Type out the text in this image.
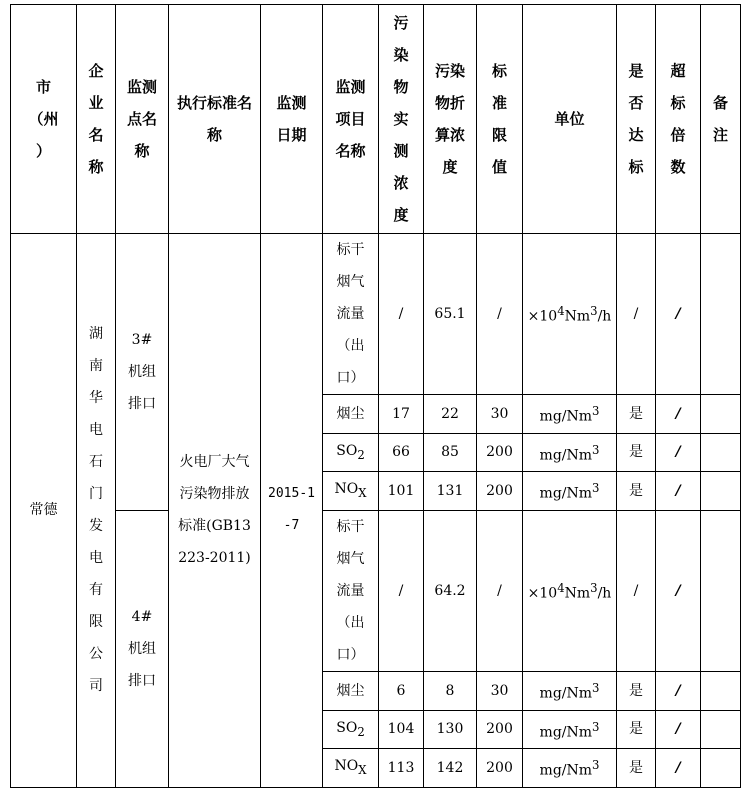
市（州）	企业名称	监测点名称	执行标准名称	监测日期	监测项目名称	污染物实测浓度	污染物折算浓度	标准限值	单位	是否达标	超标倍数	备注

常德	湖南华电石门发电有限公司	3#机组排口	火电厂大气污染物排放标准(GB13223-2011)	2015-1-7	标干烟气流量（出口）	/	65.1	/	$\times 10^4Nm^3/h$	/	/	
					烟尘	17	22	30	mg/Nm$^3$	是	/	
					$SO_2$	66	85	200	mg/Nm$^3$	是	/	
					$NO_X$	101	131	200	mg/Nm$^3$	是	/	

		4#机组排口			标干烟气流量（出口）	/	64.2	/	$\times 10^4Nm^3/h$	/	/	
					烟尘	6	8	30	mg/Nm$^3$	是	/	
					$SO_2$	104	130	200	mg/Nm$^3$	是	/	
					$NO_X$	113	142	200	mg/Nm$^3$	是	/	
